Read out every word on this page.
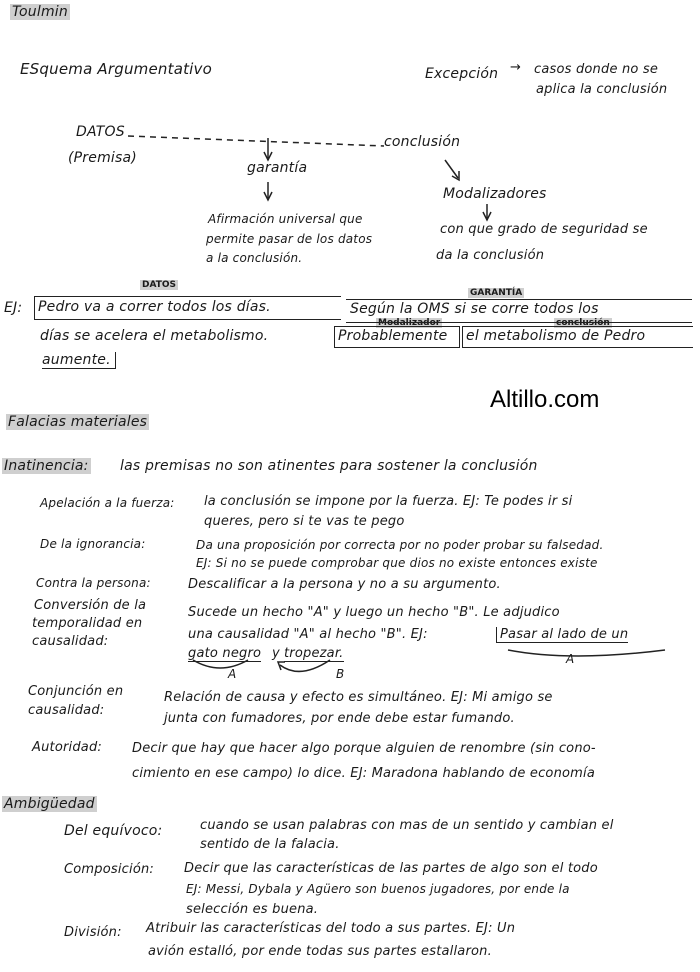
Toulmin
ESquema Argumentativo	Excepción → casos donde no se
aplica la conclusión
DATOS
(Premisa)
conclusión
garantía
Afirmación universal que
permite pasar de los datos
a la conclusión.
Modalizadores
con que grado de seguridad se
da la conclusión
DATOS
GARANTÍA
Modalizador	conclusión
EJ: Pedro va a correr todos los días.	Según la OMS si se corre todos los
días se acelera el metabolismo.	Probablemente el metabolismo de Pedro
aumente.
Altillo.com
Falacias materiales
Inatinencia: las premisas no son atinentes para sostener la conclusión
Apelación a la fuerza: la conclusión se impone por la fuerza. EJ: Te podes ir si
queres, pero si te vas te pego
De la ignorancia:	Da una proposición por correcta por no poder probar su falsedad.
EJ: Si no se puede comprobar que dios no existe entonces existe
Contra la persona:	Descalificar a la persona y no a su argumento.
Conversión de la
temporalidad en
causalidad:
Sucede un hecho "A" y luego un hecho "B". Le adjudico
una causalidad "A" al hecho "B". EJ:	Pasar al lado de un
gato negro y tropezar.
A	B
A
Conjunción en
causalidad:
Relación de causa y efecto es simultáneo. EJ: Mi amigo se
junta con fumadores, por ende debe estar fumando.
Autoridad: Decir que hay que hacer algo porque alguien de renombre (sin cono-
cimiento en ese campo) lo dice. EJ: Maradona hablando de economía
Ambigüedad
Del equívoco:	cuando se usan palabras con mas de un sentido y cambian el
sentido de la falacia.
Composición: Decir que las características de las partes de algo son el todo
EJ: Messi, Dybala y Agüero son buenos jugadores, por ende la
selección es buena.
División: Atribuir las características del todo a sus partes. EJ: Un
avión estalló, por ende todas sus partes estallaron.
